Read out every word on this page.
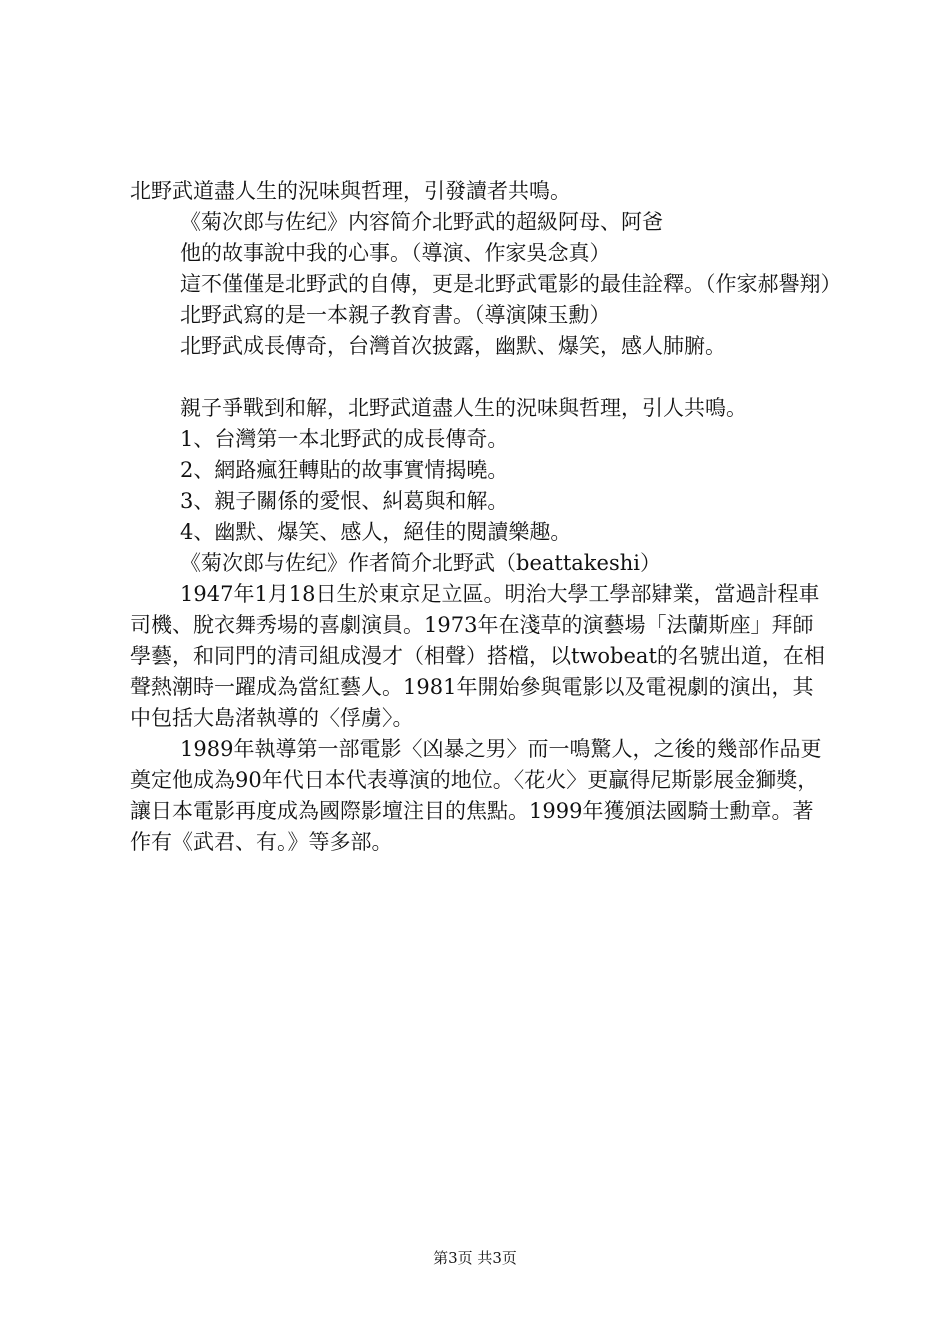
北野武道盡人生的況味與哲理，引發讀者共鳴。

《菊次郎与佐纪》内容简介北野武的超級阿母、阿爸

他的故事說中我的心事。（導演、作家吳念真）

這不僅僅是北野武的自傳，更是北野武電影的最佳詮釋。（作家郝譽翔）

北野武寫的是一本親子教育書。（導演陳玉勳）

北野武成長傳奇，台灣首次披露，幽默、爆笑，感人肺腑。

親子爭戰到和解，北野武道盡人生的況味與哲理，引人共鳴。

1、台灣第一本北野武的成長傳奇。

2、網路瘋狂轉貼的故事實情揭曉。

3、親子關係的愛恨、糾葛與和解。

4、幽默、爆笑、感人，絕佳的閱讀樂趣。

《菊次郎与佐纪》作者简介北野武（beattakeshi）

1947年1月18日生於東京足立區。明治大學工學部肄業，當過計程車司機、脫衣舞秀場的喜劇演員。1973年在淺草的演藝場「法蘭斯座」拜師學藝，和同門的清司組成漫才（相聲）搭檔，以twobeat的名號出道，在相聲熱潮時一躍成為當紅藝人。1981年開始參與電影以及電視劇的演出，其中包括大島渚執導的〈俘虜〉。

1989年執導第一部電影〈凶暴之男〉而一鳴驚人，之後的幾部作品更奠定他成為90年代日本代表導演的地位。〈花火〉更贏得尼斯影展金獅獎，讓日本電影再度成為國際影壇注目的焦點。1999年獲頒法國騎士勳章。著作有《武君、有。》等多部。

第3页 共3页
